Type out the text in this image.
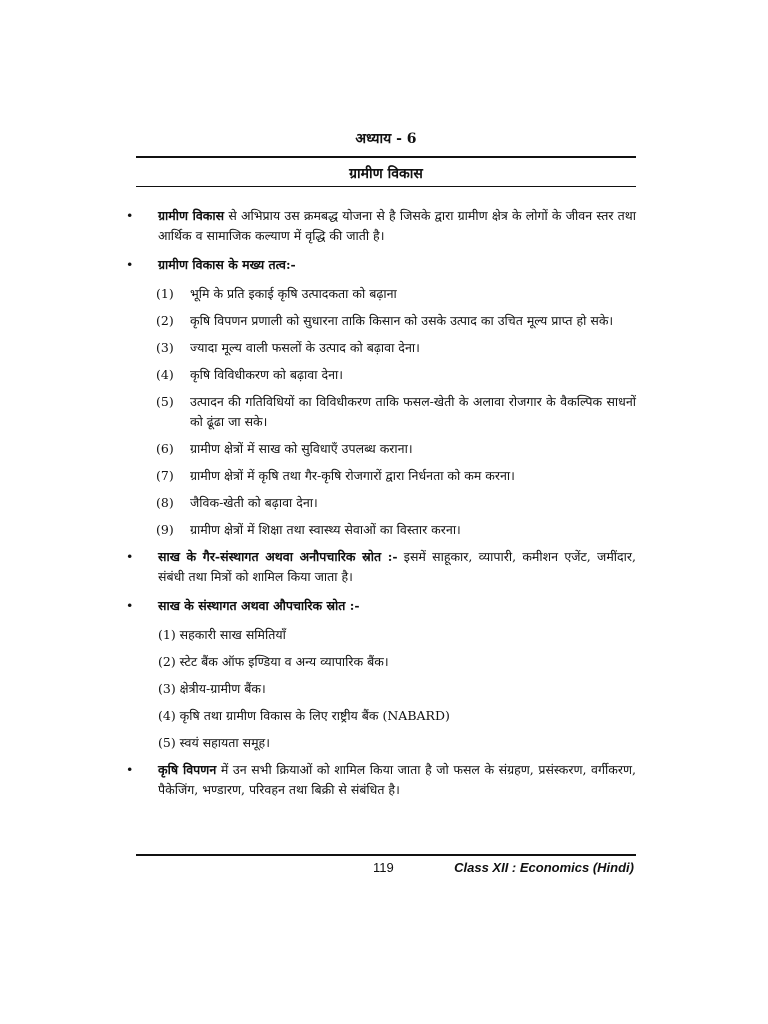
अध्याय - 6
ग्रामीण विकास
• ग्रामीण विकास से अभिप्राय उस क्रमबद्ध योजना से है जिसके द्वारा ग्रामीण क्षेत्र के लोगों के जीवन स्तर तथा आर्थिक व सामाजिक कल्याण में वृद्धि की जाती है।
• ग्रामीण विकास के मख्य तत्व:-
(1) भूमि के प्रति इकाई कृषि उत्पादकता को बढ़ाना
(2) कृषि विपणन प्रणाली को सुधारना ताकि किसान को उसके उत्पाद का उचित मूल्य प्राप्त हो सके।
(3) ज्यादा मूल्य वाली फसलों के उत्पाद को बढ़ावा देना।
(4) कृषि विविधीकरण को बढ़ावा देना।
(5) उत्पादन की गतिविधियों का विविधीकरण ताकि फसल-खेती के अलावा रोजगार के वैकल्पिक साधनों को ढूंढा जा सके।
(6) ग्रामीण क्षेत्रों में साख को सुविधाएँ उपलब्ध कराना।
(7) ग्रामीण क्षेत्रों में कृषि तथा गैर-कृषि रोजगारों द्वारा निर्धनता को कम करना।
(8) जैविक-खेती को बढ़ावा देना।
(9) ग्रामीण क्षेत्रों में शिक्षा तथा स्वास्थ्य सेवाओं का विस्तार करना।
• साख के गैर-संस्थागत अथवा अनौपचारिक स्रोत :- इसमें साहूकार, व्यापारी, कमीशन एजेंट, जमींदार, संबंधी तथा मित्रों को शामिल किया जाता है।
• साख के संस्थागत अथवा औपचारिक स्रोत :-
(1) सहकारी साख समितियाँ
(2) स्टेट बैंक ऑफ इण्डिया व अन्य व्यापारिक बैंक।
(3) क्षेत्रीय-ग्रामीण बैंक।
(4) कृषि तथा ग्रामीण विकास के लिए राष्ट्रीय बैंक (NABARD)
(5) स्वयं सहायता समूह।
• कृषि विपणन में उन सभी क्रियाओं को शामिल किया जाता है जो फसल के संग्रहण, प्रसंस्करण, वर्गीकरण, पैकेजिंग, भण्डारण, परिवहन तथा बिक्री से संबंधित है।
119	Class XII : Economics (Hindi)
